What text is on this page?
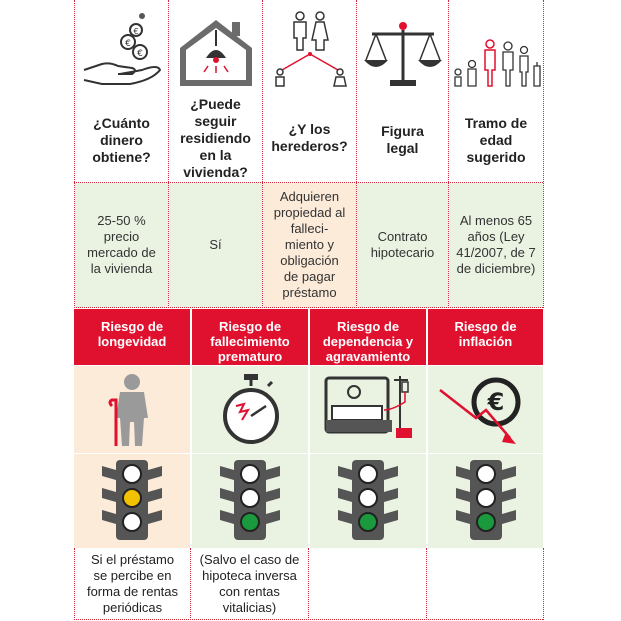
25-50 % precio mercado de la vivienda
Sí
Adquieren propiedad al falleci-miento y obligación de pagar préstamo
Contrato hipotecario
Al menos 65 años (Ley 41/2007, de 7 de diciembre)
¿Cuánto dinero obtiene?
¿Puede seguir residiendo en la vivienda?
¿Y los herederos?
Figura legal
Tramo de edad sugerido
€
€
€
Riesgo de longevidad
Riesgo de fallecimiento prematuro
Riesgo de dependencia y agravamiento
Riesgo de inflación
€
Si el préstamo se percibe en forma de rentas periódicas
(Salvo el caso de hipoteca inversa con rentas vitalicias)
